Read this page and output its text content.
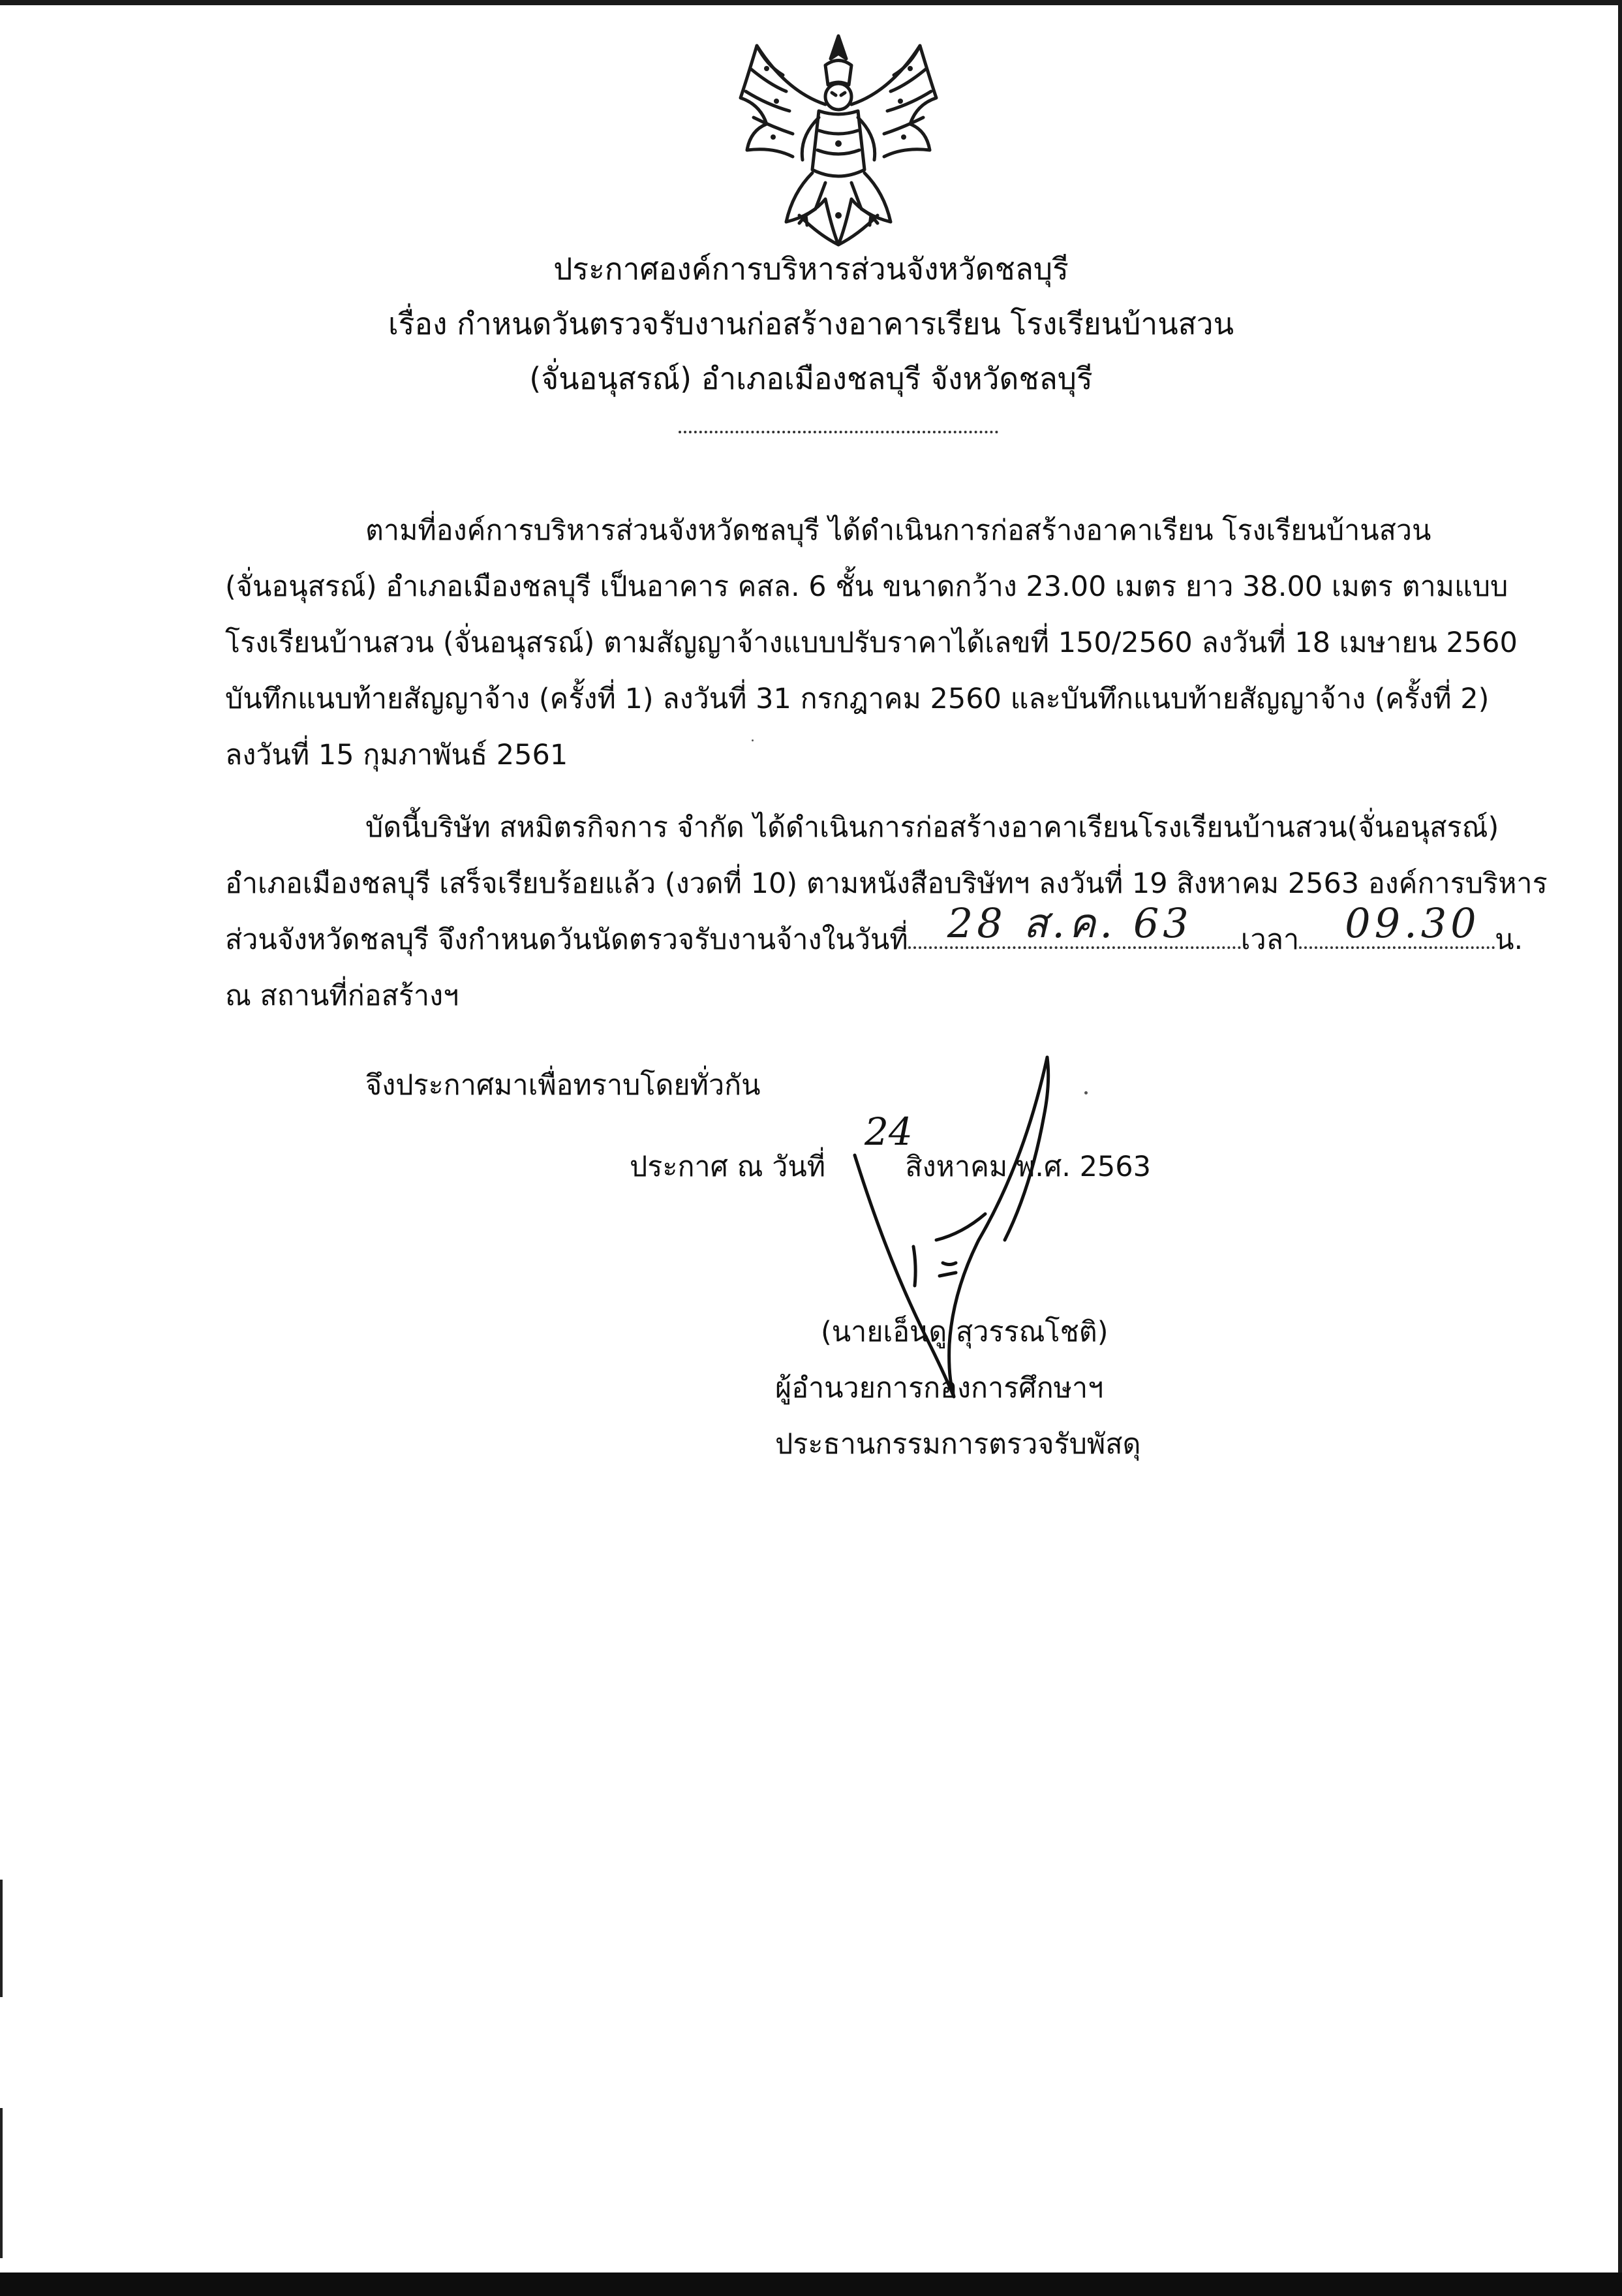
ประกาศองค์การบริหารส่วนจังหวัดชลบุรี
เรื่อง กำหนดวันตรวจรับงานก่อสร้างอาคารเรียน โรงเรียนบ้านสวน
(จั่นอนุสรณ์) อำเภอเมืองชลบุรี จังหวัดชลบุรี
ตามที่องค์การบริหารส่วนจังหวัดชลบุรี ได้ดำเนินการก่อสร้างอาคาเรียน โรงเรียนบ้านสวน
(จั่นอนุสรณ์) อำเภอเมืองชลบุรี เป็นอาคาร คสล. 6 ชั้น ขนาดกว้าง 23.00 เมตร ยาว 38.00 เมตร ตามแบบ
โรงเรียนบ้านสวน (จั่นอนุสรณ์) ตามสัญญาจ้างแบบปรับราคาได้เลขที่ 150/2560 ลงวันที่ 18 เมษายน 2560
บันทึกแนบท้ายสัญญาจ้าง (ครั้งที่ 1) ลงวันที่ 31 กรกฎาคม 2560 และบันทึกแนบท้ายสัญญาจ้าง (ครั้งที่ 2)
ลงวันที่ 15 กุมภาพันธ์ 2561
บัดนี้บริษัท สหมิตรกิจการ จำกัด ได้ดำเนินการก่อสร้างอาคาเรียนโรงเรียนบ้านสวน(จั่นอนุสรณ์)
อำเภอเมืองชลบุรี เสร็จเรียบร้อยแล้ว (งวดที่ 10) ตามหนังสือบริษัทฯ ลงวันที่ 19 สิงหาคม 2563 องค์การบริหาร
ส่วนจังหวัดชลบุรี จึงกำหนดวันนัดตรวจรับงานจ้างในวันที่ 28 ส.ค. 63 เวลา 09.30 น.
ณ สถานที่ก่อสร้างฯ
จึงประกาศมาเพื่อทราบโดยทั่วกัน
ประกาศ ณ วันที่	สิงหาคม พ.ศ. 2563
24
(นายเอ็นดู สุวรรณโชติ)
ผู้อำนวยการกองการศึกษาฯ
ประธานกรรมการตรวจรับพัสดุ
